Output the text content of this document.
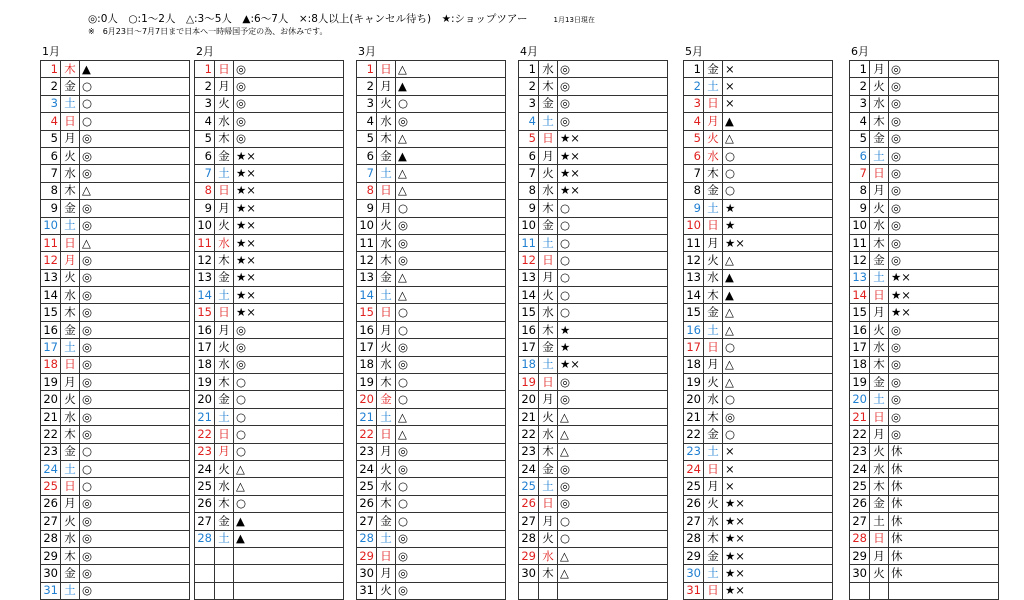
◎:0人　○:1～2人　△:3～5人　▲:6～7人　×:8人以上(キャンセル待ち)　★:ショップツアー	1月13日現在
※　6月23日～7月7日まで日本へ一時帰国予定の為、お休みです。
1月
1	木	▲
2	金	○
3	土	○
4	日	○
5	月	◎
6	火	◎
7	水	◎
8	木	△
9	金	◎
10	土	◎
11	日	△
12	月	◎
13	火	◎
14	水	◎
15	木	◎
16	金	◎
17	土	◎
18	日	◎
19	月	◎
20	火	◎
21	水	◎
22	木	◎
23	金	○
24	土	○
25	日	○
26	月	◎
27	火	◎
28	水	◎
29	木	◎
30	金	◎
31	土	◎
2月
1	日	◎
2	月	◎
3	火	◎
4	水	◎
5	木	◎
6	金	★×
7	土	★×
8	日	★×
9	月	★×
10	火	★×
11	水	★×
12	木	★×
13	金	★×
14	土	★×
15	日	★×
16	月	◎
17	火	◎
18	水	◎
19	木	○
20	金	○
21	土	○
22	日	○
23	月	○
24	火	△
25	水	△
26	木	○
27	金	▲
28	土	▲

3月
1	日	△
2	月	▲
3	火	○
4	水	◎
5	木	△
6	金	▲
7	土	△
8	日	△
9	月	○
10	火	◎
11	水	◎
12	木	◎
13	金	△
14	土	△
15	日	○
16	月	○
17	火	◎
18	水	◎
19	木	○
20	金	○
21	土	△
22	日	△
23	月	◎
24	火	◎
25	水	○
26	木	○
27	金	○
28	土	◎
29	日	◎
30	月	◎
31	火	◎
4月
1	水	◎
2	木	◎
3	金	◎
4	土	◎
5	日	★×
6	月	★×
7	火	★×
8	水	★×
9	木	○
10	金	○
11	土	○
12	日	○
13	月	○
14	火	○
15	水	○
16	木	★
17	金	★
18	土	★×
19	日	◎
20	月	◎
21	火	△
22	水	△
23	木	△
24	金	◎
25	土	◎
26	日	◎
27	月	○
28	火	○
29	水	△
30	木	△

5月
1	金	×
2	土	×
3	日	×
4	月	▲
5	火	△
6	水	○
7	木	○
8	金	○
9	土	★
10	日	★
11	月	★×
12	火	△
13	水	▲
14	木	▲
15	金	△
16	土	△
17	日	○
18	月	△
19	火	△
20	水	○
21	木	◎
22	金	○
23	土	×
24	日	×
25	月	×
26	火	★×
27	水	★×
28	木	★×
29	金	★×
30	土	★×
31	日	★×
6月
1	月	◎
2	火	◎
3	水	◎
4	木	◎
5	金	◎
6	土	◎
7	日	◎
8	月	◎
9	火	◎
10	水	◎
11	木	◎
12	金	◎
13	土	★×
14	日	★×
15	月	★×
16	火	◎
17	水	◎
18	木	◎
19	金	◎
20	土	◎
21	日	◎
22	月	◎
23	火	休
24	水	休
25	木	休
26	金	休
27	土	休
28	日	休
29	月	休
30	火	休
